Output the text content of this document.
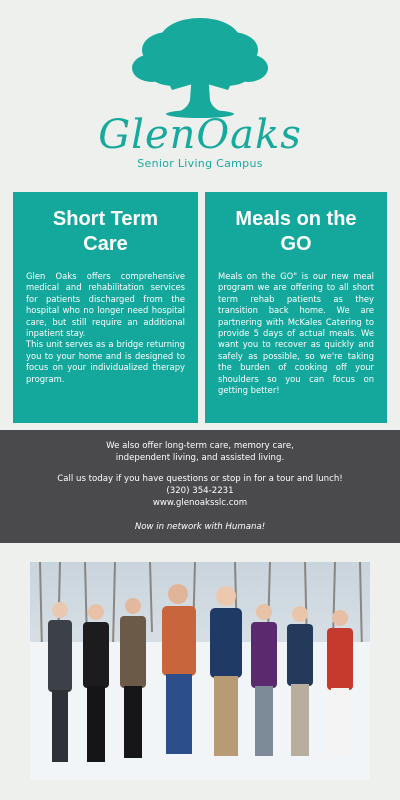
GlenOaks
Senior Living Campus
Short Term
Care

Glen Oaks offers comprehensive medical and rehabilitation services for patients discharged from the hospital who no longer need hospital care, but still require an additional inpatient stay.
This unit serves as a bridge returning you to your home and is designed to focus on your individualized therapy program.

Meals on the
GO

Meals on the GO" is our new meal program we are offering to all short term rehab patients as they transition back home. We are partnering with McKales Catering to provide 5 days of actual meals. We want you to recover as quickly and safely as possible, so we're taking the burden of cooking off your shoulders so you can focus on getting better!

We also offer long-term care, memory care,
independent living, and assisted living.
Call us today if you have questions or stop in for a tour and lunch!
(320) 354-2231
www.glenoaksslc.com
Now in network with Humana!
